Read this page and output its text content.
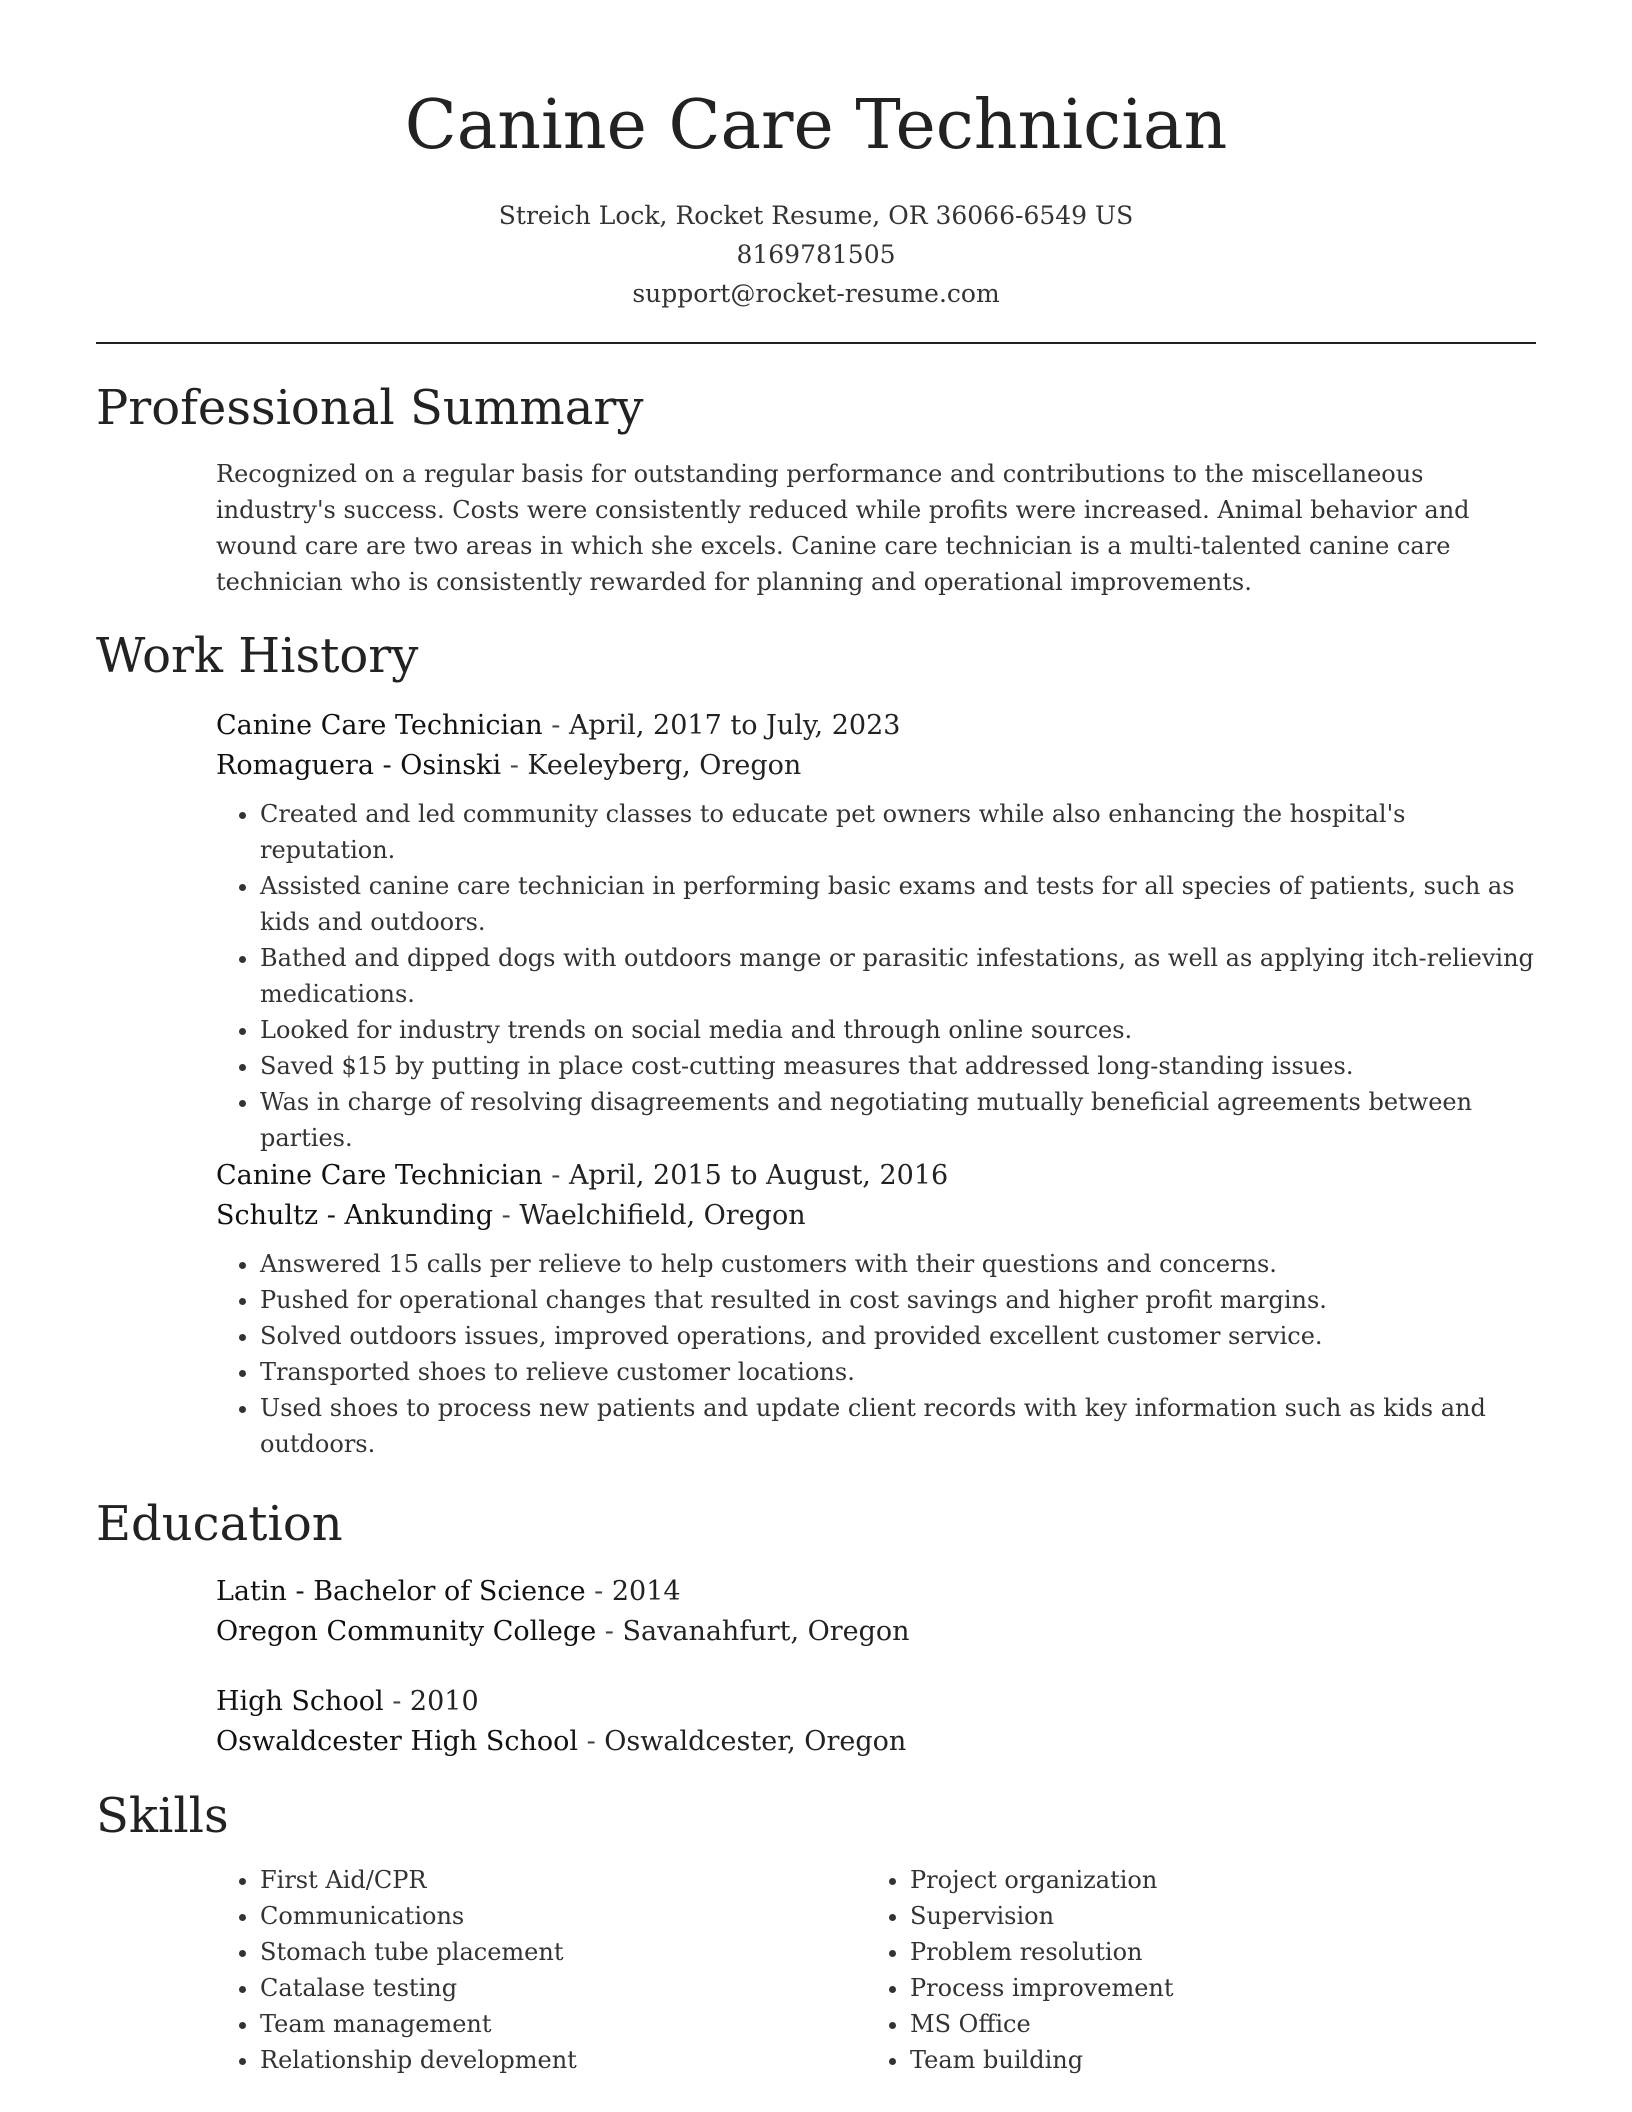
Canine Care Technician
Streich Lock, Rocket Resume, OR 36066-6549 US
8169781505
support@rocket-resume.com
Professional Summary

Recognized on a regular basis for outstanding performance and contributions to the miscellaneous industry's success. Costs were consistently reduced while profits were increased. Animal behavior and wound care are two areas in which she excels. Canine care technician is a multi-talented canine care technician who is consistently rewarded for planning and operational improvements.

Work History

Canine Care Technician - April, 2017 to July, 2023

Romaguera - Osinski - Keeleyberg, Oregon

• Created and led community classes to educate pet owners while also enhancing the hospital's reputation.
• Assisted canine care technician in performing basic exams and tests for all species of patients, such as kids and outdoors.
• Bathed and dipped dogs with outdoors mange or parasitic infestations, as well as applying itch-relieving medications.
• Looked for industry trends on social media and through online sources.
• Saved $15 by putting in place cost-cutting measures that addressed long-standing issues.
• Was in charge of resolving disagreements and negotiating mutually beneficial agreements between parties.

Canine Care Technician - April, 2015 to August, 2016

Schultz - Ankunding - Waelchifield, Oregon

• Answered 15 calls per relieve to help customers with their questions and concerns.
• Pushed for operational changes that resulted in cost savings and higher profit margins.
• Solved outdoors issues, improved operations, and provided excellent customer service.
• Transported shoes to relieve customer locations.
• Used shoes to process new patients and update client records with key information such as kids and outdoors.
Education

Latin - Bachelor of Science - 2014

Oregon Community College - Savanahfurt, Oregon

High School - 2010

Oswaldcester High School - Oswaldcester, Oregon

Skills
• First Aid/CPR
• Communications
• Stomach tube placement
• Catalase testing
• Team management
• Relationship development
• Project organization
• Supervision
• Problem resolution
• Process improvement
• MS Office
• Team building
